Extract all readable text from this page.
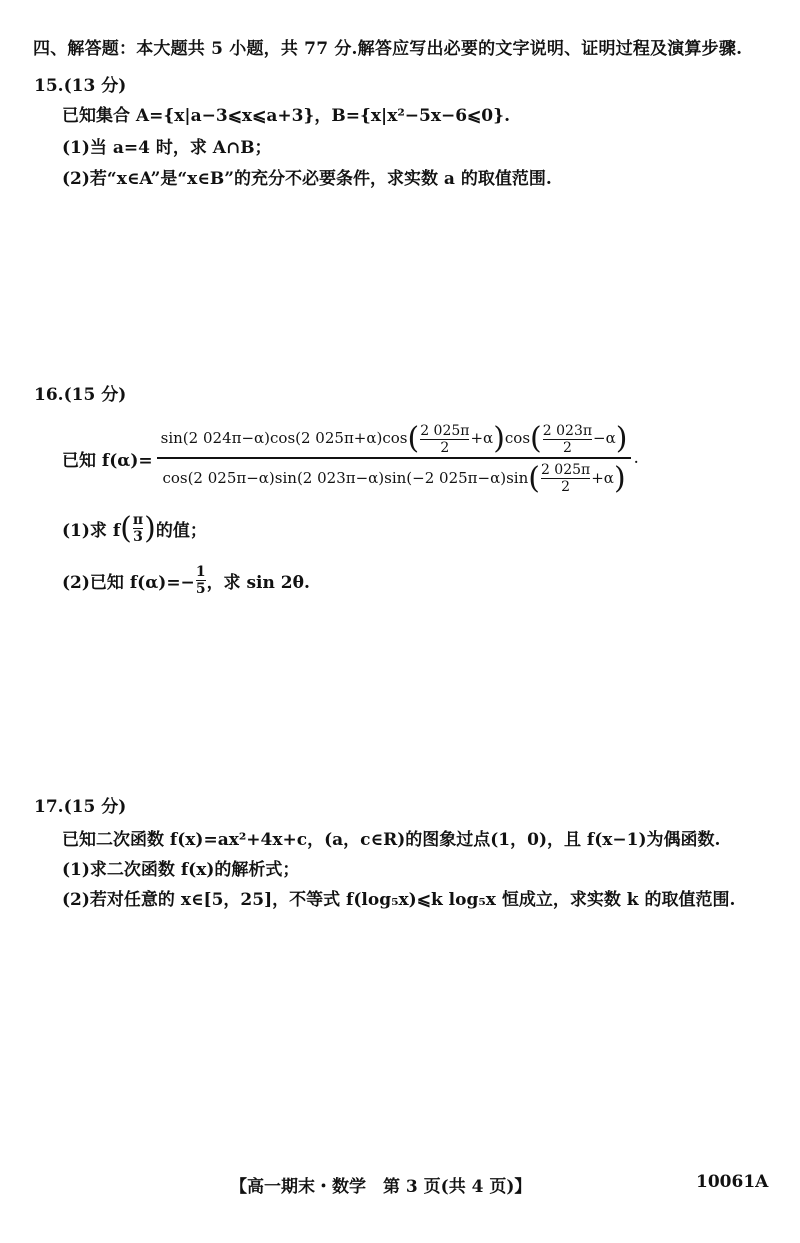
四、解答题：本大题共 5 小题，共 77 分.解答应写出必要的文字说明、证明过程及演算步骤.
15.(13 分)
已知集合 A={x|a−3⩽x⩽a+3}，B={x|x²−5x−6⩽0}.
(1)当 a=4 时，求 A∩B；
(2)若“x∈A”是“x∈B”的充分不必要条件，求实数 a 的取值范围.
16.(15 分)
已知 $f(\alpha)= \frac{\sin(2 024\pi-\alpha)\cos(2 025\pi+\alpha)\cos( \frac{2 025\pi}{2} +\alpha)\cos( \frac{2 023\pi}{2} -\alpha)}{\cos(2 025\pi-\alpha)\sin(2 023\pi-\alpha)\sin(-2 025\pi-\alpha)\sin( \frac{2 025\pi}{2} +\alpha)}$ .
(1)求 f ( $\frac{\pi}{3}$ ) 的值；
(2)已知 $f(\alpha)=- \frac{1}{5}$ ，求 sin 2θ.
17.(15 分)
已知二次函数 f(x)=ax²+4x+c，(a，c∈R)的图象过点(1，0)，且 f(x−1)为偶函数.
(1)求二次函数 f(x)的解析式；
(2)若对任意的 x∈[5，25]，不等式 f(log₅x)⩽k log₅x 恒成立，求实数 k 的取值范围.
【高一期末・数学　第 3 页(共 4 页)】	10061A
